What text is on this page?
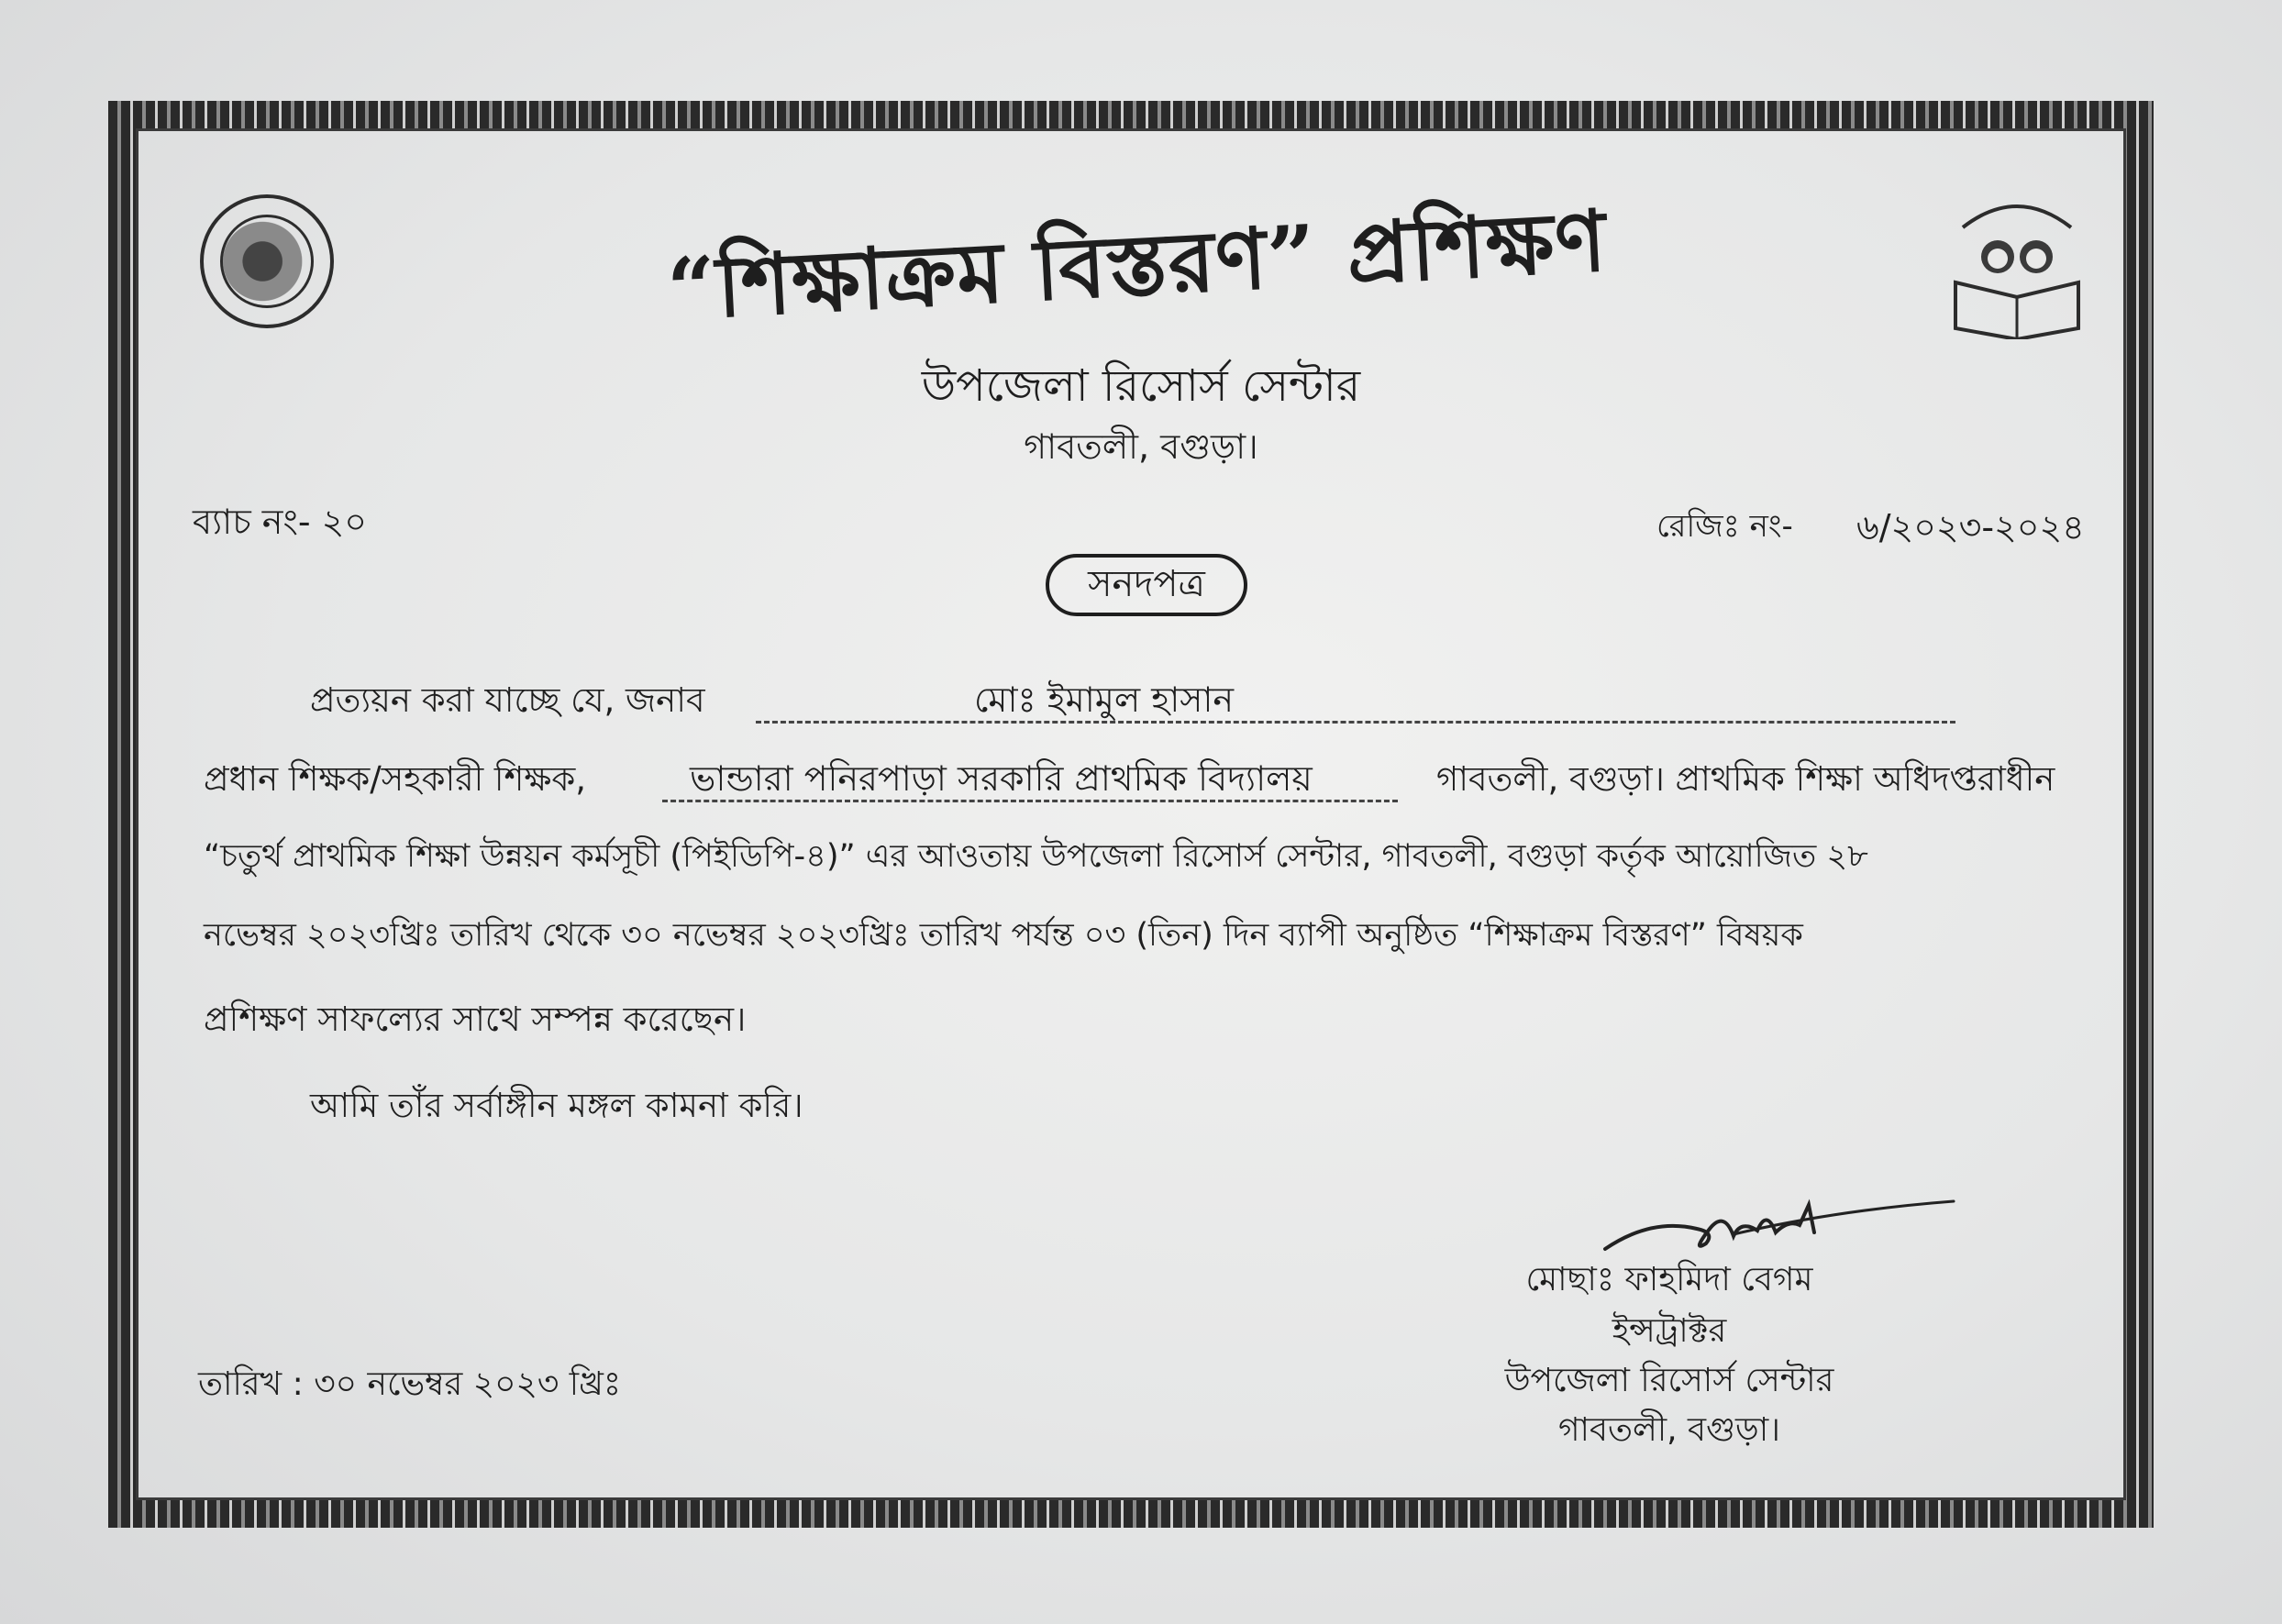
“শিক্ষাক্রম বিস্তরণ” প্রশিক্ষণ
উপজেলা রিসোর্স সেন্টার
গাবতলী, বগুড়া।
ব্যাচ নং- ২০	রেজিঃ নং- ৬/২০২৩-২০২৪
সনদপত্র
প্রত্যয়ন করা যাচ্ছে যে, জনাব	মোঃ ইমামুল হাসান
প্রধান শিক্ষক/সহকারী শিক্ষক,	ভান্ডারা পনিরপাড়া সরকারি প্রাথমিক বিদ্যালয়	গাবতলী, বগুড়া। প্রাথমিক শিক্ষা অধিদপ্তরাধীন
“চতুর্থ প্রাথমিক শিক্ষা উন্নয়ন কর্মসূচী (পিইডিপি-৪)” এর আওতায় উপজেলা রিসোর্স সেন্টার, গাবতলী, বগুড়া কর্তৃক আয়োজিত ২৮
নভেম্বর ২০২৩খ্রিঃ তারিখ থেকে ৩০ নভেম্বর ২০২৩খ্রিঃ তারিখ পর্যন্ত ০৩ (তিন) দিন ব্যাপী অনুষ্ঠিত “শিক্ষাক্রম বিস্তরণ” বিষয়ক
প্রশিক্ষণ সাফল্যের সাথে সম্পন্ন করেছেন।
আমি তাঁর সর্বাঙ্গীন মঙ্গল কামনা করি।
তারিখ : ৩০ নভেম্বর ২০২৩ খ্রিঃ
মোছাঃ ফাহমিদা বেগম
ইন্সট্রাক্টর
উপজেলা রিসোর্স সেন্টার
গাবতলী, বগুড়া।
